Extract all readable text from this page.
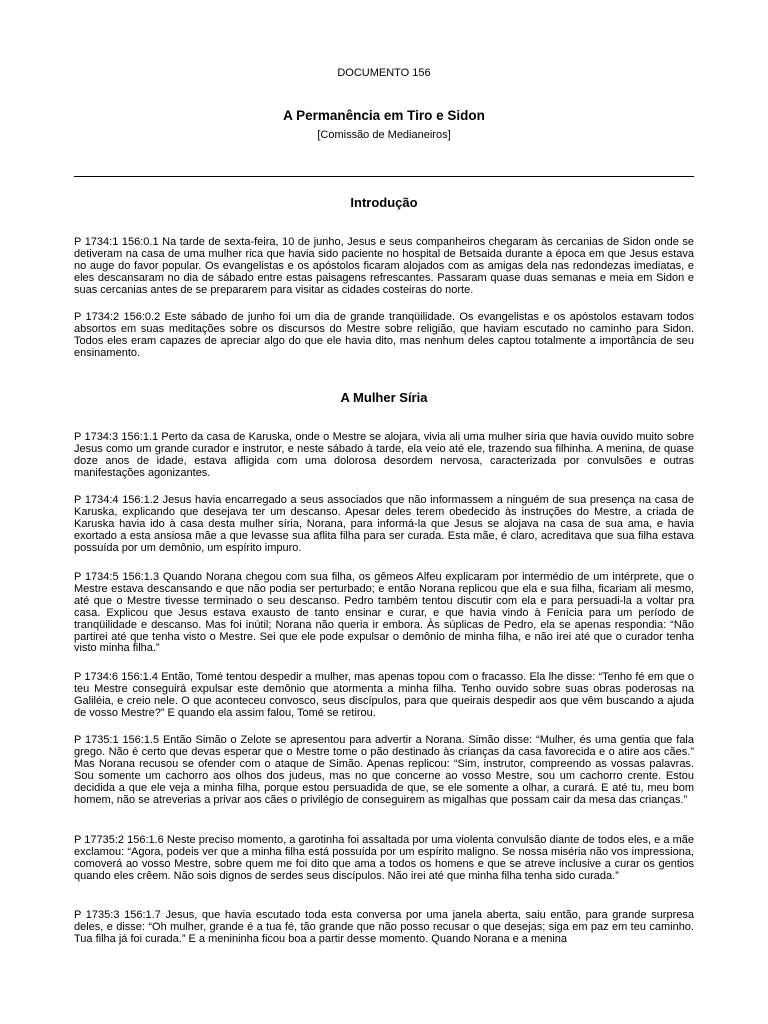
DOCUMENTO 156
A Permanência em Tiro e Sidon
[Comissão de Medianeiros]
Introdução

P 1734:1 156:0.1 Na tarde de sexta-feira, 10 de junho, Jesus e seus companheiros chegaram às cercanias de Sidon onde se detiveram na casa de uma mulher rica que havia sido paciente no hospital de Betsaida durante a época em que Jesus estava no auge do favor popular. Os evangelistas e os apóstolos ficaram alojados com as amigas dela nas redondezas imediatas, e eles descansaram no dia de sábado entre estas paisagens refrescantes. Passaram quase duas semanas e meia em Sidon e suas cercanias antes de se prepararem para visitar as cidades costeiras do norte.

P 1734:2 156:0.2 Este sábado de junho foi um dia de grande tranqüilidade. Os evangelistas e os apóstolos estavam todos absortos em suas meditações sobre os discursos do Mestre sobre religião, que haviam escutado no caminho para Sidon. Todos eles eram capazes de apreciar algo do que ele havia dito, mas nenhum deles captou totalmente a importância de seu ensinamento.

A Mulher Síria

P 1734:3 156:1.1 Perto da casa de Karuska, onde o Mestre se alojara, vivia ali uma mulher síria que havia ouvido muito sobre Jesus como um grande curador e instrutor, e neste sábado à tarde, ela veio até ele, trazendo sua filhinha. A menina, de quase doze anos de idade, estava afligida com uma dolorosa desordem nervosa, caracterizada por convulsões e outras manifestações agonizantes.

P 1734:4 156:1.2 Jesus havia encarregado a seus associados que não informassem a ninguém de sua presença na casa de Karuska, explicando que desejava ter um descanso. Apesar deles terem obedecido às instruções do Mestre, a criada de Karuska havia ido à casa desta mulher síria, Norana, para informá-la que Jesus se alojava na casa de sua ama, e havia exortado a esta ansiosa mãe a que levasse sua aflita filha para ser curada. Esta mãe, é claro, acreditava que sua filha estava possuída por um demônio, um espírito impuro.

P 1734:5 156:1.3 Quando Norana chegou com sua filha, os gêmeos Alfeu explicaram por intermédio de um intérprete, que o Mestre estava descansando e que não podia ser perturbado; e então Norana replicou que ela e sua filha, ficariam ali mesmo, até que o Mestre tivesse terminado o seu descanso. Pedro também tentou discutir com ela e para persuadi-la a voltar pra casa. Explicou que Jesus estava exausto de tanto ensinar e curar, e que havia vindo à Fenícia para um período de tranqüilidade e descanso. Mas foi inútil; Norana não queria ir embora. Às súplicas de Pedro, ela se apenas respondia: “Não partirei até que tenha visto o Mestre. Sei que ele pode expulsar o demônio de minha filha, e não irei até que o curador tenha visto minha filha.”

P 1734:6 156:1.4 Então, Tomé tentou despedir a mulher, mas apenas topou com o fracasso. Ela lhe disse: “Tenho fé em que o teu Mestre conseguirá expulsar este demônio que atormenta a minha filha. Tenho ouvido sobre suas obras poderosas na Galiléia, e creio nele. O que aconteceu convosco, seus discípulos, para que queirais despedir aos que vêm buscando a ajuda de vosso Mestre?” E quando ela assim falou, Tomé se retirou.

P 1735:1 156:1.5 Então Simão o Zelote se apresentou para advertir a Norana. Simão disse: “Mulher, és uma gentia que fala grego. Não é certo que devas esperar que o Mestre tome o pão destinado às crianças da casa favorecida e o atire aos cães.” Mas Norana recusou se ofender com o ataque de Simão. Apenas replicou: “Sim, instrutor, compreendo as vossas palavras. Sou somente um cachorro aos olhos dos judeus, mas no que concerne ao vosso Mestre, sou um cachorro crente. Estou decidida a que ele veja a minha filha, porque estou persuadida de que, se ele somente a olhar, a curará. E até tu, meu bom homem, não se atreverias a privar aos cães o privilégio de conseguirem as migalhas que possam cair da mesa das crianças.”

P 17735:2 156:1.6 Neste preciso momento, a garotinha foi assaltada por uma violenta convulsão diante de todos eles, e a mãe exclamou: “Agora, podeis ver que a minha filha está possuída por um espírito maligno. Se nossa miséria não vos impressiona, comoverá ao vosso Mestre, sobre quem me foi dito que ama a todos os homens e que se atreve inclusive a curar os gentios quando eles crêem. Não sois dignos de serdes seus discípulos. Não irei até que minha filha tenha sido curada.”

P 1735:3 156:1.7 Jesus, que havia escutado toda esta conversa por uma janela aberta, saiu então, para grande surpresa deles, e disse: “Oh mulher, grande é a tua fé, tão grande que não posso recusar o que desejas; siga em paz em teu caminho. Tua filha já foi curada.” E a menininha ficou boa a partir desse momento. Quando Norana e a menina
